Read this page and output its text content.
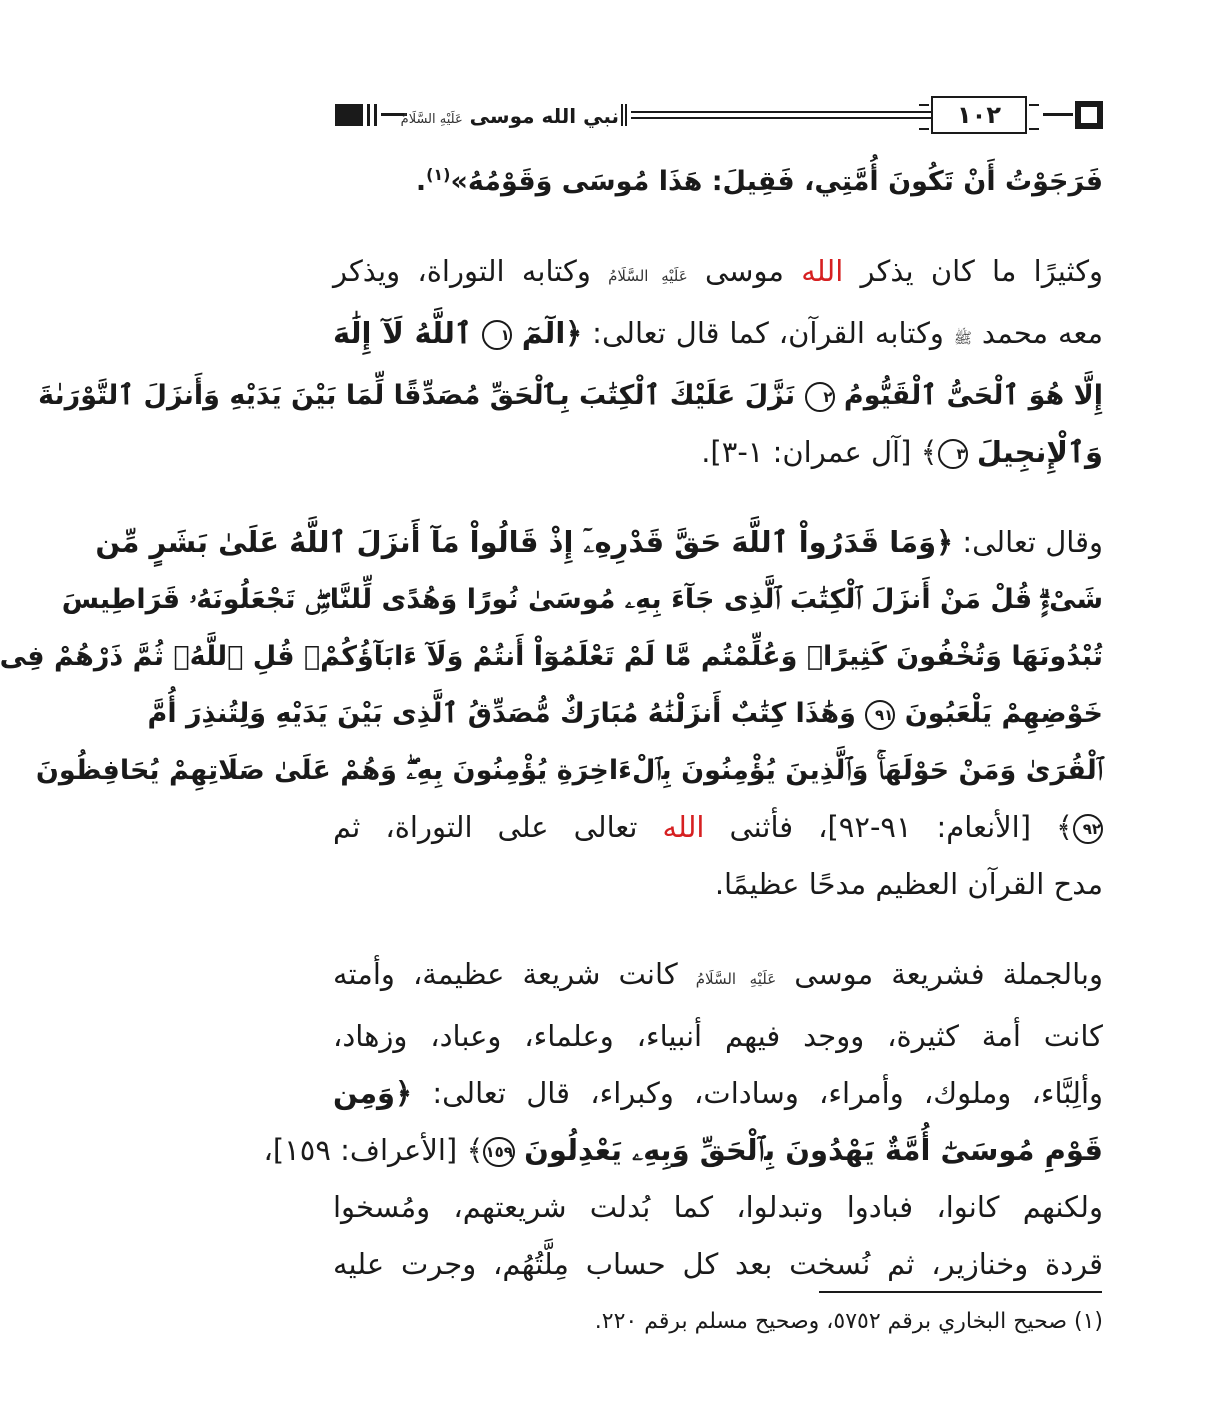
نبي الله موسى عَلَيْهِ السَّلَامُ	١٠٢
فَرَجَوْتُ أَنْ تَكُونَ أُمَّتِي، فَقِيلَ: هَذَا مُوسَى وَقَوْمُهُ»$^{(١)}$.
وكثيرًا ما كان يذكر الله موسى عَلَيْهِ السَّلَامُ وكتابه التوراة، ويذكر
معه محمد ﷺ وكتابه القرآن، كما قال تعالى: ﴿الٓمٓ ١ ٱللَّهُ لَآ إِلَٰهَ
إِلَّا هُوَ ٱلْحَىُّ ٱلْقَيُّومُ ٢ نَزَّلَ عَلَيْكَ ٱلْكِتَٰبَ بِٱلْحَقِّ مُصَدِّقًا لِّمَا بَيْنَ يَدَيْهِ وَأَنزَلَ ٱلتَّوْرَىٰةَ
وَٱلْإِنجِيلَ ٣﴾ [آل عمران: ١-٣].
وقال تعالى: ﴿وَمَا قَدَرُواْ ٱللَّهَ حَقَّ قَدْرِهِۦٓ إِذْ قَالُواْ مَآ أَنزَلَ ٱللَّهُ عَلَىٰ بَشَرٍ مِّن
شَىْءٍۗ قُلْ مَنْ أَنزَلَ ٱلْكِتَٰبَ ٱلَّذِى جَآءَ بِهِۦ مُوسَىٰ نُورًا وَهُدًى لِّلنَّاسِۖ تَجْعَلُونَهُۥ قَرَاطِيسَ
تُبْدُونَهَا وَتُخْفُونَ كَثِيرًاۖ وَعُلِّمْتُم مَّا لَمْ تَعْلَمُوٓاْ أَنتُمْ وَلَآ ءَابَآؤُكُمْۖ قُلِ ٱللَّهُۖ ثُمَّ ذَرْهُمْ فِى
خَوْضِهِمْ يَلْعَبُونَ ٩١ وَهَٰذَا كِتَٰبٌ أَنزَلْنَٰهُ مُبَارَكٌ مُّصَدِّقُ ٱلَّذِى بَيْنَ يَدَيْهِ وَلِتُنذِرَ أُمَّ
ٱلْقُرَىٰ وَمَنْ حَوْلَهَاۚ وَٱلَّذِينَ يُؤْمِنُونَ بِٱلْءَاخِرَةِ يُؤْمِنُونَ بِهِۦۖ وَهُمْ عَلَىٰ صَلَاتِهِمْ يُحَافِظُونَ
٩٢﴾ [الأنعام: ٩١-٩٢]، فأثنى الله تعالى على التوراة، ثم
مدح القرآن العظيم مدحًا عظيمًا.
وبالجملة فشريعة موسى عَلَيْهِ السَّلَامُ كانت شريعة عظيمة، وأمته
كانت أمة كثيرة، ووجد فيهم أنبياء، وعلماء، وعباد، وزهاد،
وألِبَّاء، وملوك، وأمراء، وسادات، وكبراء، قال تعالى: ﴿وَمِن
قَوْمِ مُوسَىٰٓ أُمَّةٌ يَهْدُونَ بِٱلْحَقِّ وَبِهِۦ يَعْدِلُونَ ١٥٩﴾ [الأعراف: ١٥٩]،
ولكنهم كانوا، فبادوا وتبدلوا، كما بُدلت شريعتهم، ومُسخوا
قردة وخنازير، ثم نُسخت بعد كل حساب مِلَّتُهُم، وجرت عليه
(١) صحيح البخاري برقم ٥٧٥٢، وصحيح مسلم برقم ٢٢٠.
